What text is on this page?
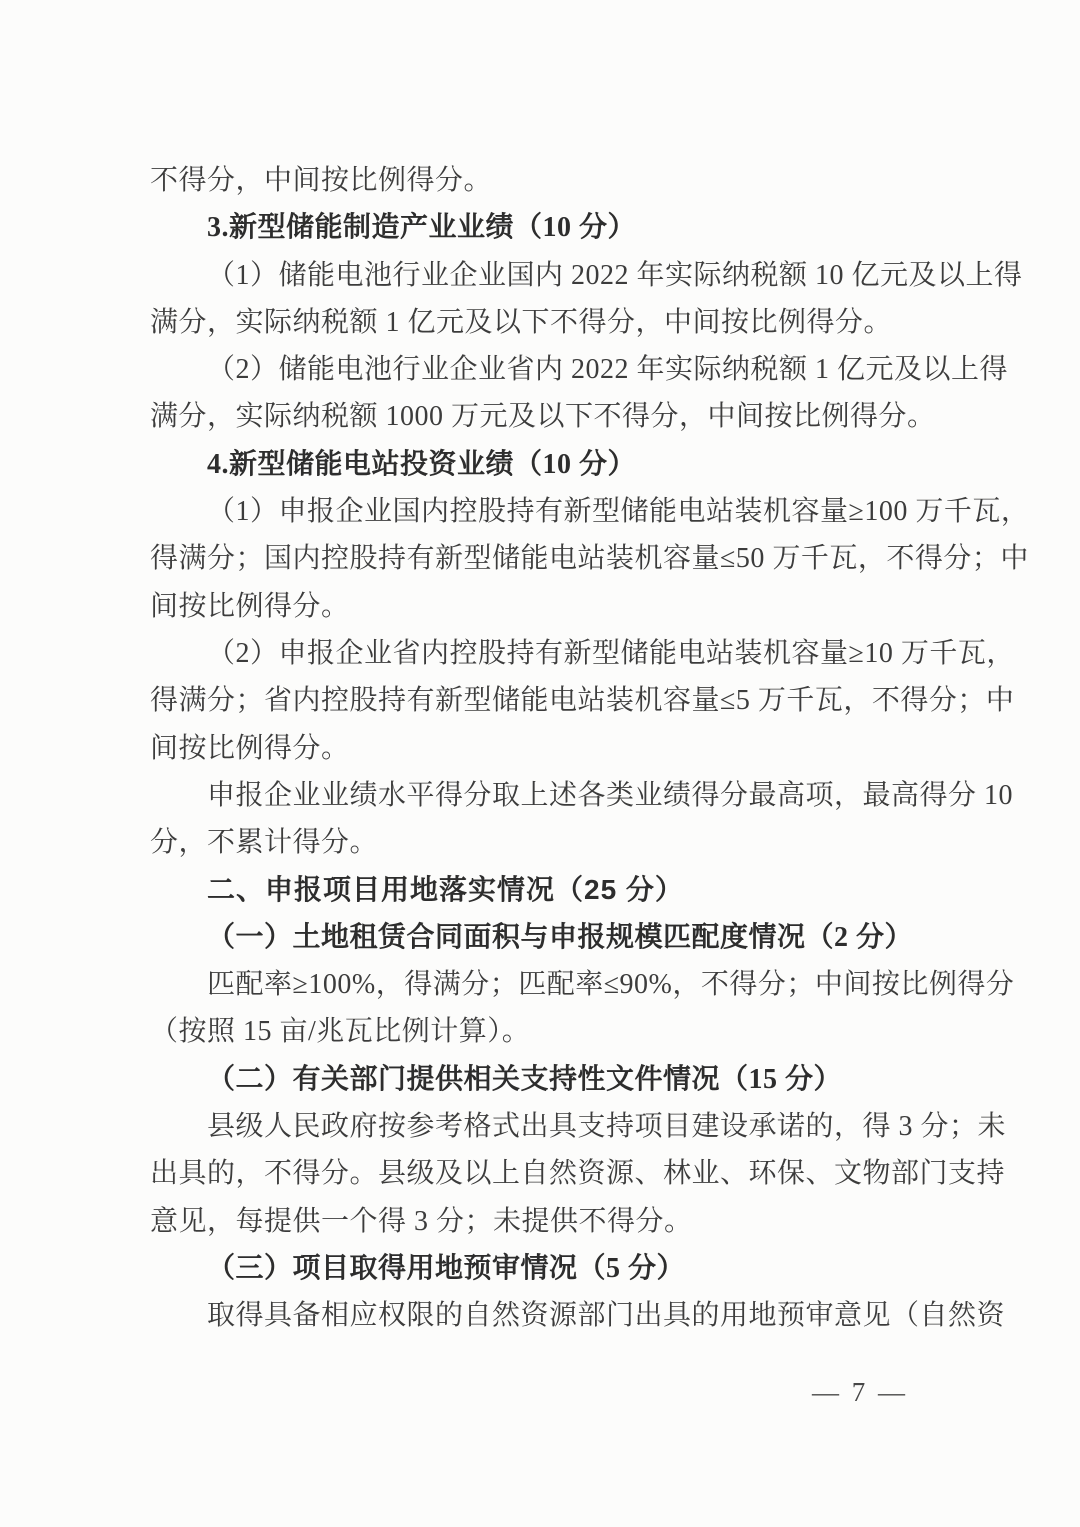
不得分，中间按比例得分。
3.新型储能制造产业业绩（10 分）
（1）储能电池行业企业国内 2022 年实际纳税额 10 亿元及以上得
满分，实际纳税额 1 亿元及以下不得分，中间按比例得分。
（2）储能电池行业企业省内 2022 年实际纳税额 1 亿元及以上得
满分，实际纳税额 1000 万元及以下不得分，中间按比例得分。
4.新型储能电站投资业绩（10 分）
（1）申报企业国内控股持有新型储能电站装机容量≥100 万千瓦，
得满分；国内控股持有新型储能电站装机容量≤50 万千瓦，不得分；中
间按比例得分。
（2）申报企业省内控股持有新型储能电站装机容量≥10 万千瓦，
得满分；省内控股持有新型储能电站装机容量≤5 万千瓦，不得分；中
间按比例得分。
申报企业业绩水平得分取上述各类业绩得分最高项，最高得分 10
分，不累计得分。
二、申报项目用地落实情况（25 分）
（一）土地租赁合同面积与申报规模匹配度情况（2 分）
匹配率≥100%，得满分；匹配率≤90%，不得分；中间按比例得分
（按照 15 亩/兆瓦比例计算）。
（二）有关部门提供相关支持性文件情况（15 分）
县级人民政府按参考格式出具支持项目建设承诺的，得 3 分；未
出具的，不得分。县级及以上自然资源、林业、环保、文物部门支持
意见，每提供一个得 3 分；未提供不得分。
（三）项目取得用地预审情况（5 分）
取得具备相应权限的自然资源部门出具的用地预审意见（自然资
— 7 —
